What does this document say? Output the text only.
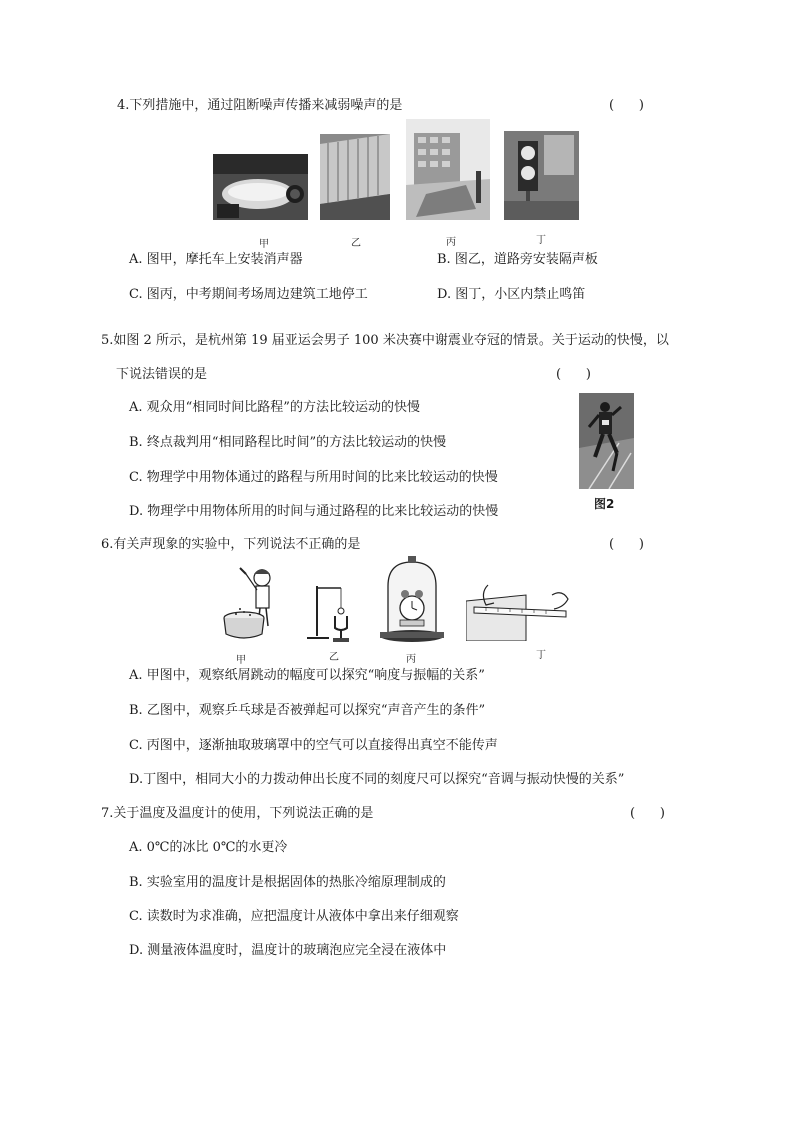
4.下列措施中，通过阻断噪声传播来减弱噪声的是	(      )
甲	乙	丙	丁
A. 图甲，摩托车上安装消声器	B. 图乙，道路旁安装隔声板
C. 图丙，中考期间考场周边建筑工地停工	D. 图丁，小区内禁止鸣笛
5.如图 2 所示，是杭州第 19 届亚运会男子 100 米决赛中谢震业夺冠的情景。关于运动的快慢，以
下说法错误的是	(      )
图2
A. 观众用“相同时间比路程”的方法比较运动的快慢
B. 终点裁判用“相同路程比时间”的方法比较运动的快慢
C. 物理学中用物体通过的路程与所用时间的比来比较运动的快慢
D. 物理学中用物体所用的时间与通过路程的比来比较运动的快慢
6.有关声现象的实验中，下列说法不正确的是	(      )
甲	乙	丙	丁
A. 甲图中，观察纸屑跳动的幅度可以探究“响度与振幅的关系”
B. 乙图中，观察乒乓球是否被弹起可以探究“声音产生的条件”
C. 丙图中，逐渐抽取玻璃罩中的空气可以直接得出真空不能传声
D.丁图中，相同大小的力拨动伸出长度不同的刻度尺可以探究“音调与振动快慢的关系”
7.关于温度及温度计的使用，下列说法正确的是	(      )
A. 0℃的冰比 0℃的水更冷
B. 实验室用的温度计是根据固体的热胀冷缩原理制成的
C. 读数时为求准确，应把温度计从液体中拿出来仔细观察
D. 测量液体温度时，温度计的玻璃泡应完全浸在液体中
